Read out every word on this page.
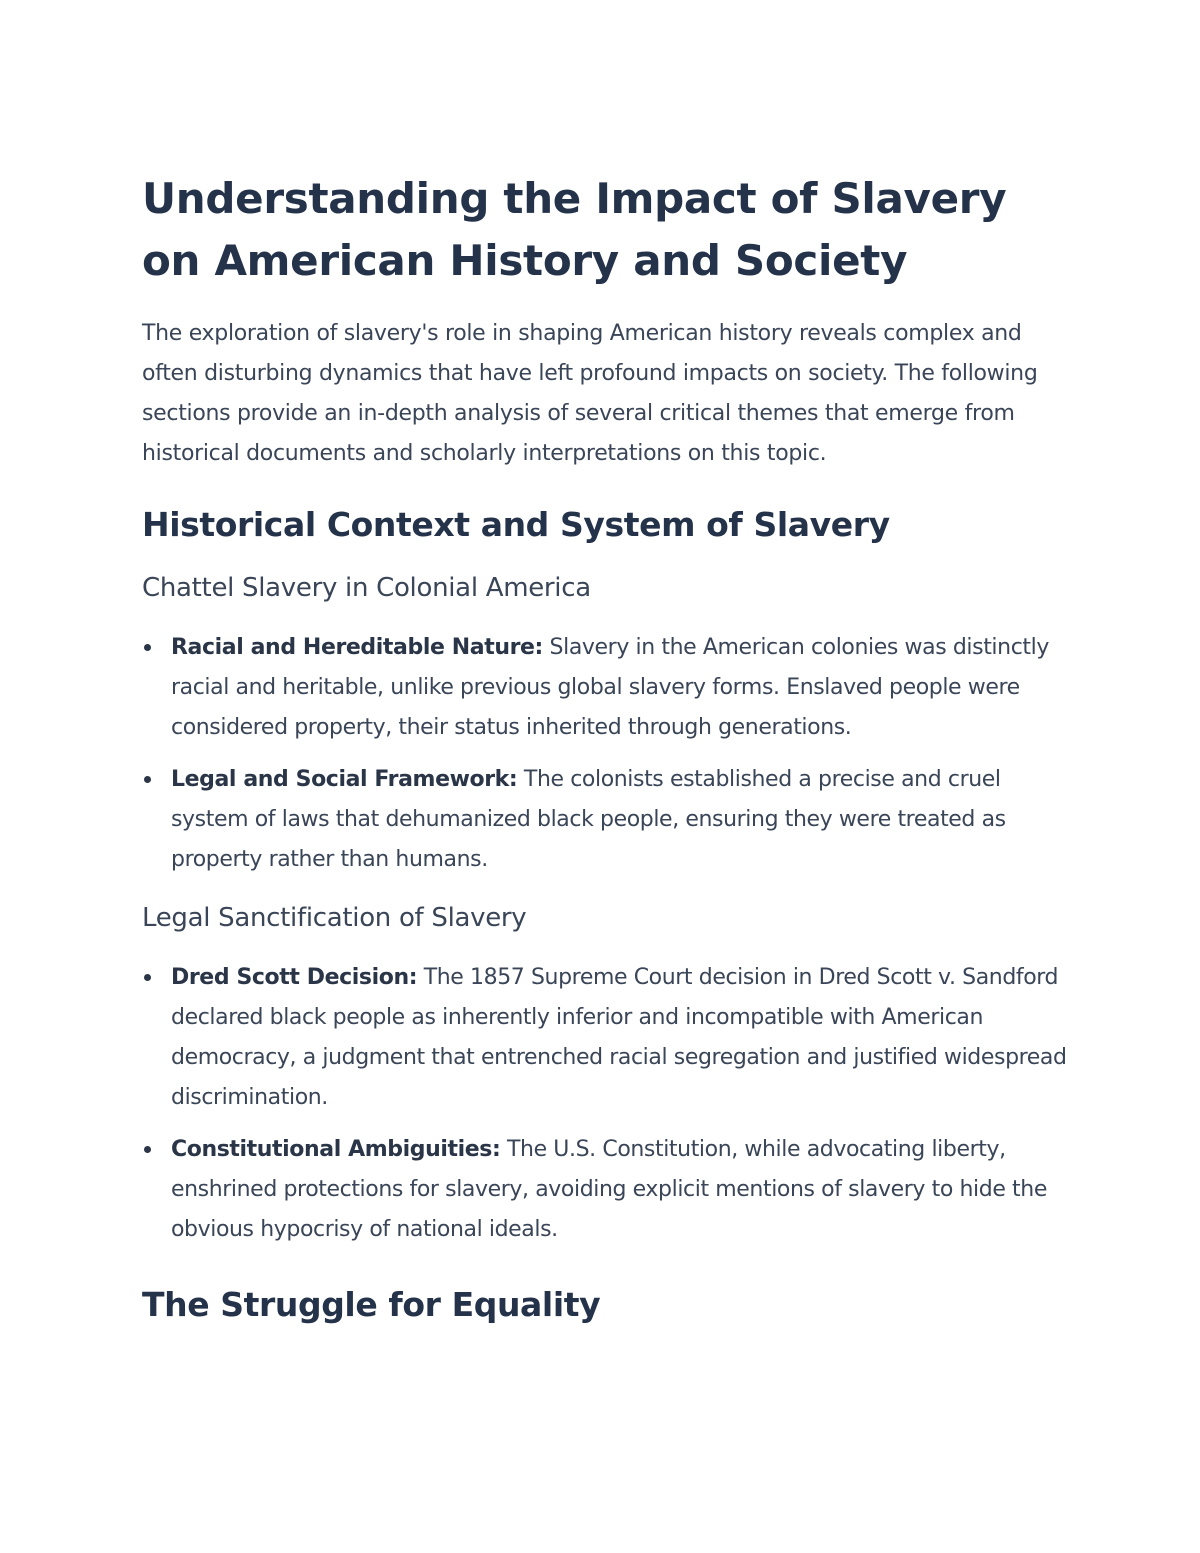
Understanding the Impact of Slavery on American History and Society

The exploration of slavery's role in shaping American history reveals complex and often disturbing dynamics that have left profound impacts on society. The following sections provide an in-depth analysis of several critical themes that emerge from historical documents and scholarly interpretations on this topic.

Historical Context and System of Slavery
Chattel Slavery in Colonial America
Racial and Hereditable Nature: Slavery in the American colonies was distinctly racial and heritable, unlike previous global slavery forms. Enslaved people were considered property, their status inherited through generations.
Legal and Social Framework: The colonists established a precise and cruel system of laws that dehumanized black people, ensuring they were treated as property rather than humans.
Legal Sanctification of Slavery
Dred Scott Decision: The 1857 Supreme Court decision in Dred Scott v. Sandford declared black people as inherently inferior and incompatible with American democracy, a judgment that entrenched racial segregation and justified widespread discrimination.
Constitutional Ambiguities: The U.S. Constitution, while advocating liberty, enshrined protections for slavery, avoiding explicit mentions of slavery to hide the obvious hypocrisy of national ideals.
The Struggle for Equality
